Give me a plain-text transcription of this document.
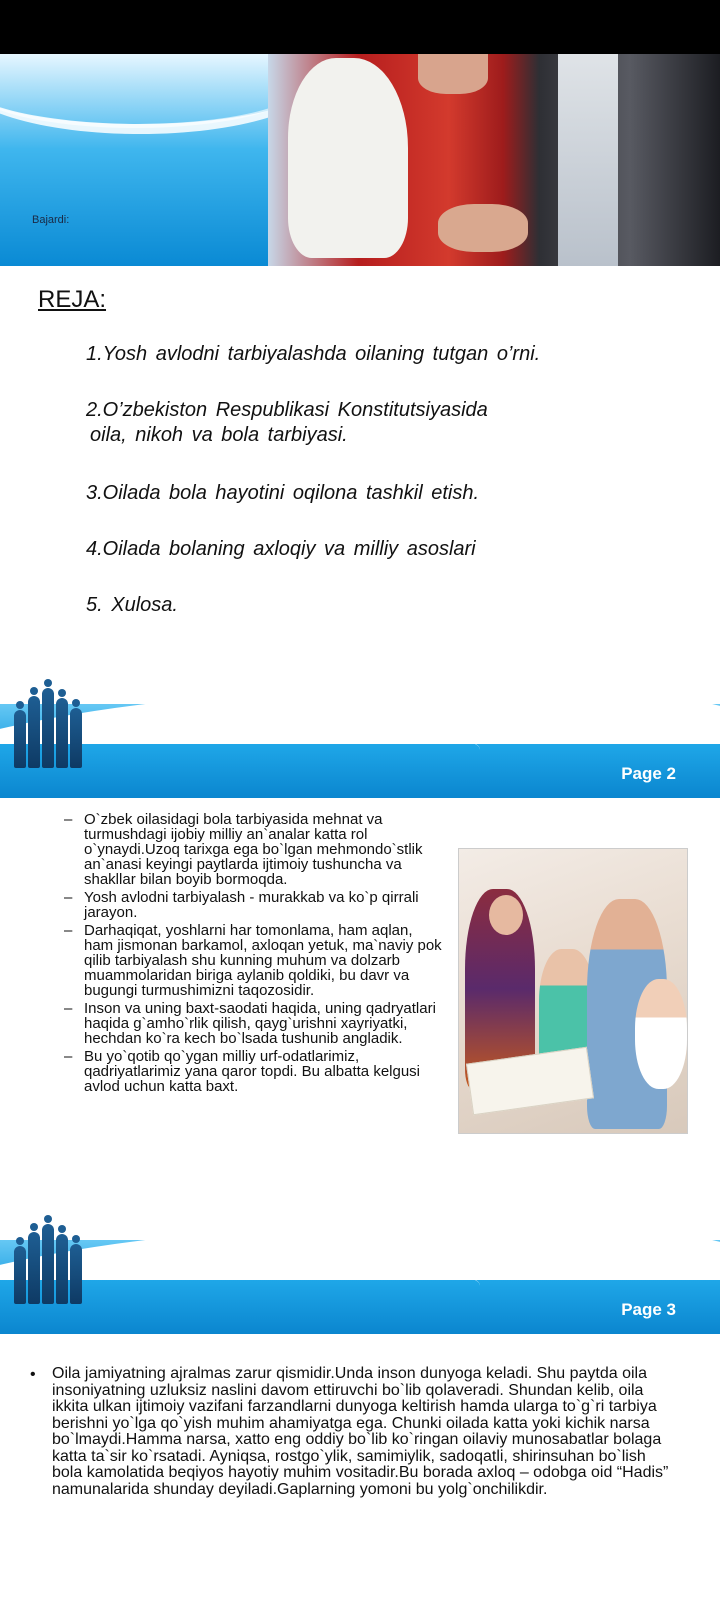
Bajardi:
REJA:
1.Yosh avlodni tarbiyalashda oilaning tutgan o’rni.
2.O’zbekiston Respublikasi Konstitutsiyasida
oila, nikoh va bola tarbiyasi.
3.Oilada bola hayotini oqilona tashkil etish.
4.Oilada bolaning axloqiy va milliy asoslari
5. Xulosa.
Page 2
– O`zbek oilasidagi bola tarbiyasida mehnat va turmushdagi ijobiy milliy an`analar katta rol o`ynaydi.Uzoq tarixga ega bo`lgan mehmondo`stlik an`anasi keyingi paytlarda ijtimoiy tushuncha va shakllar bilan boyib bormoqda.
– Yosh avlodni tarbiyalash - murakkab va ko`p qirrali jarayon.
– Darhaqiqat, yoshlarni har tomonlama, ham aqlan, ham jismonan barkamol, axloqan yetuk, ma`naviy pok qilib tarbiyalash shu kunning muhum va dolzarb muammolaridan biriga aylanib qoldiki, bu davr va bugungi turmushimizni taqozosidir.
– Inson va uning baxt-saodati haqida, uning qadryatlari haqida g`amho`rlik qilish, qayg`urishni xayriyatki, hechdan ko`ra kech bo`lsada tushunib angladik.
– Bu yo`qotib qo`ygan milliy urf-odatlarimiz, qadriyatlarimiz yana qaror topdi. Bu albatta kelgusi avlod uchun katta baxt.
Page 3
• Oila jamiyatning ajralmas zarur qismidir.Unda inson dunyoga keladi. Shu paytda oila insoniyatning uzluksiz naslini davom ettiruvchi bo`lib qolaveradi. Shundan kelib, oila ikkita ulkan ijtimoiy vazifani farzandlarni dunyoga keltirish hamda ularga to`g`ri tarbiya berishni yo`lga qo`yish muhim ahamiyatga ega. Chunki oilada katta yoki kichik narsa bo`lmaydi.Hamma narsa, xatto eng oddiy bo`lib ko`ringan oilaviy munosabatlar bolaga katta ta`sir ko`rsatadi. Ayniqsa, rostgo`ylik, samimiylik, sadoqatli, shirinsuhan bo`lish bola kamolatida beqiyos hayotiy muhim vositadir.Bu borada axloq – odobga oid “Hadis” namunalarida shunday deyiladi.Gaplarning yomoni bu yolg`onchilikdir.
